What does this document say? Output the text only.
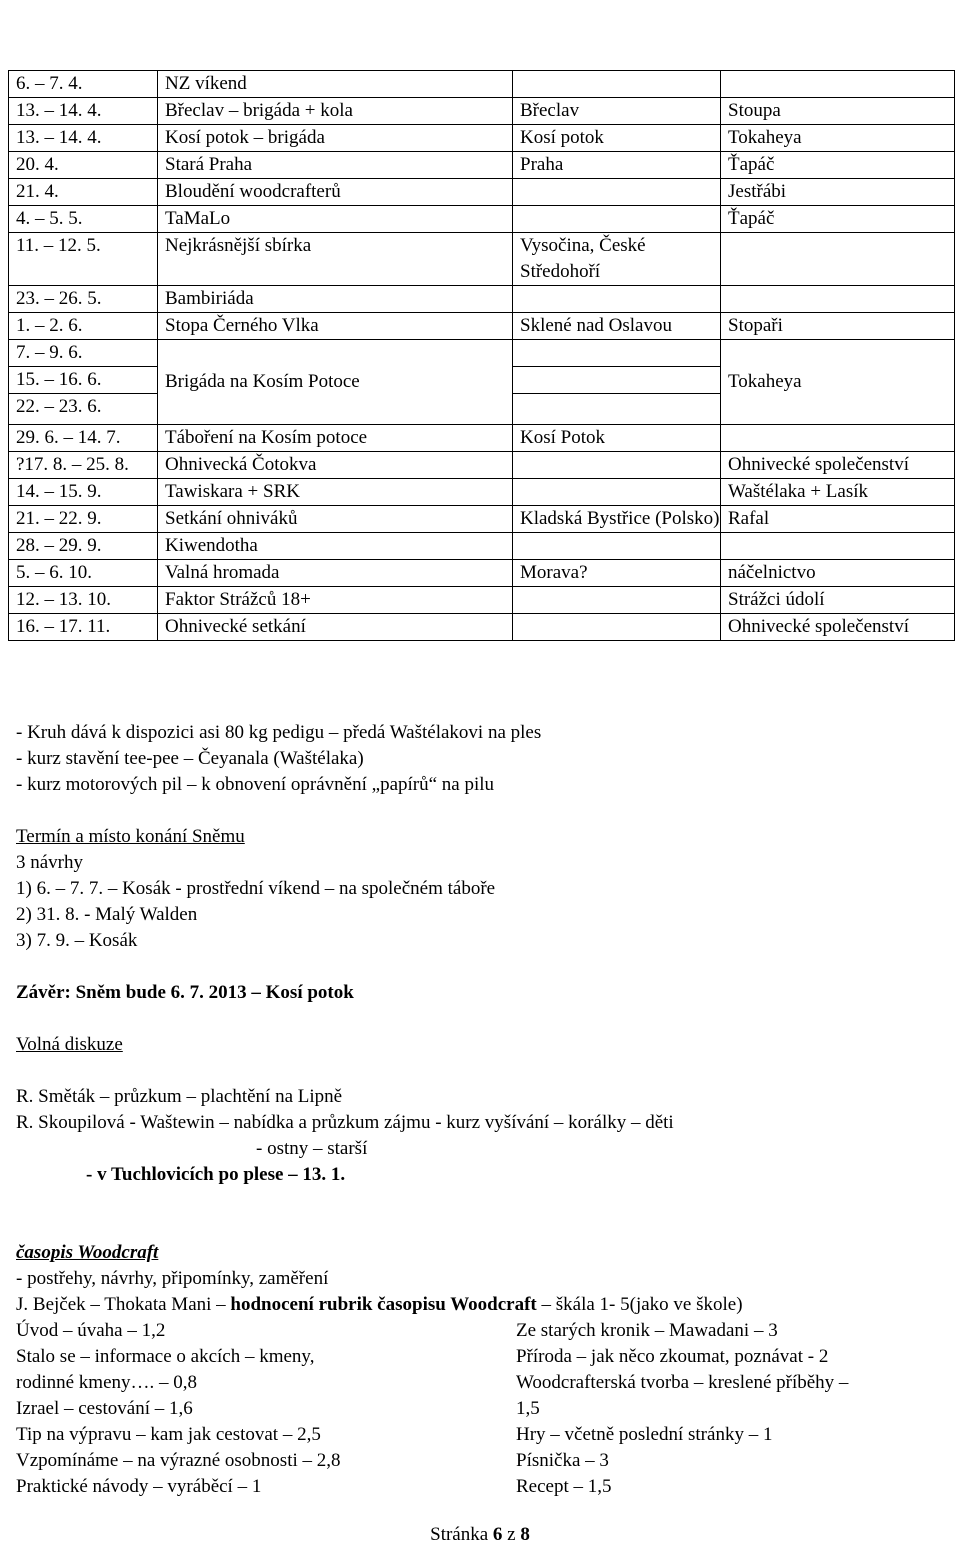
Zápis z VH LLM 6. 10. 2012 v Tuchlovicích
6. – 7. 4.	NZ víkend		
13. – 14. 4.	Břeclav – brigáda + kola	Břeclav	Stoupa
13. – 14. 4.	Kosí potok – brigáda	Kosí potok	Tokaheya
20. 4.	Stará Praha	Praha	Ťapáč
21. 4.	Bloudění woodcrafterů		Jestřábi
4. – 5. 5.	TaMaLo		Ťapáč
11. – 12. 5.	Nejkrásnější sbírka	Vysočina, České Středohoří	
23. – 26. 5.	Bambiriáda		
1. – 2. 6.	Stopa Černého Vlka	Sklené nad Oslavou	Stopaři
7. – 9. 6.	Brigáda na Kosím Potoce		Tokaheya
15. – 16. 6.			
22. – 23. 6.			
29. 6. – 14. 7.	Táboření na Kosím potoce	Kosí Potok	
?17. 8. – 25. 8.	Ohnivecká Čotokva		Ohnivecké společenství
14. – 15. 9.	Tawiskara + SRK		Waštélaka + Lasík
21. – 22. 9.	Setkání ohniváků	Kladská Bystřice (Polsko)	Rafal
28. – 29. 9.	Kiwendotha		
5. – 6. 10.	Valná hromada	Morava?	náčelnictvo
12. – 13. 10.	Faktor Strážců 18+		Strážci údolí
16. – 17. 11.	Ohnivecké setkání		Ohnivecké společenství
- Kruh dává k dispozici asi 80 kg pedigu – předá Waštélakovi na ples
- kurz stavění tee-pee – Čeyanala (Waštélaka)
- kurz motorových pil – k obnovení oprávnění „papírů“ na pilu
Termín a místo konání Sněmu
3 návrhy
1) 6. – 7. 7. – Kosák - prostřední víkend – na společném táboře
2) 31. 8. - Malý Walden
3) 7. 9. – Kosák
Závěr: Sněm bude 6. 7. 2013 – Kosí potok
Volná diskuze
R. Směták – průzkum – plachtění na Lipně
R. Skoupilová - Waštewin – nabídka a průzkum zájmu - kurz vyšívání – korálky – děti
- ostny – starší
- v Tuchlovicích po plese – 13. 1.
časopis Woodcraft
- postřehy, návrhy, připomínky, zaměření
J. Bejček – Thokata Mani – hodnocení rubrik časopisu Woodcraft – škála 1- 5(jako ve škole)
Úvod – úvaha – 1,2
Stalo se – informace o akcích – kmeny,
rodinné kmeny…. – 0,8
Izrael – cestování – 1,6
Tip na výpravu – kam jak cestovat – 2,5
Vzpomínáme – na výrazné osobnosti – 2,8
Praktické návody – vyráběcí – 1
Ze starých kronik – Mawadani – 3
Příroda – jak něco zkoumat, poznávat - 2
Woodcrafterská tvorba – kreslené příběhy –
1,5
Hry – včetně poslední stránky – 1
Písnička – 3
Recept – 1,5
Stránka 6 z 8
